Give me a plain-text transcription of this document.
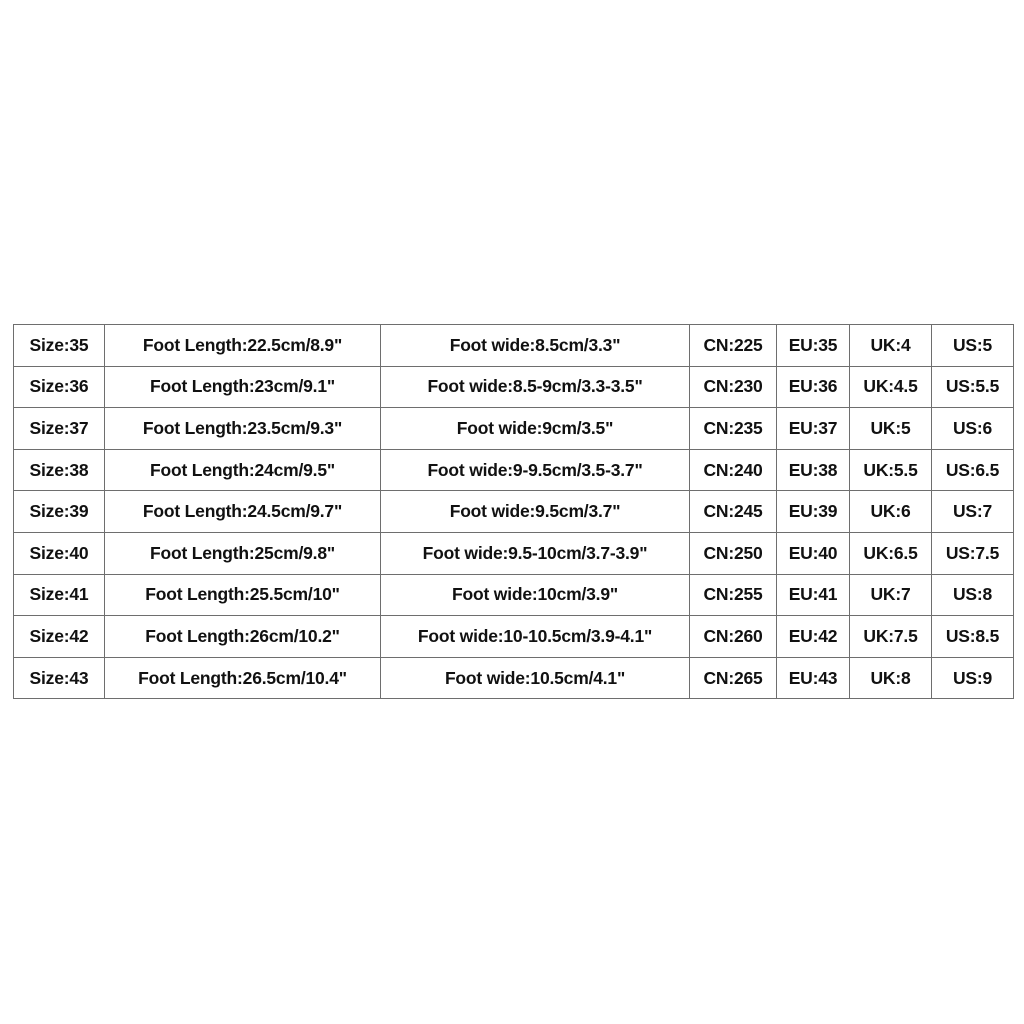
Size:35	Foot Length:22.5cm/8.9"	Foot wide:8.5cm/3.3"	CN:225	EU:35	UK:4	US:5
Size:36	Foot Length:23cm/9.1"	Foot wide:8.5-9cm/3.3-3.5"	CN:230	EU:36	UK:4.5	US:5.5
Size:37	Foot Length:23.5cm/9.3"	Foot wide:9cm/3.5"	CN:235	EU:37	UK:5	US:6
Size:38	Foot Length:24cm/9.5"	Foot wide:9-9.5cm/3.5-3.7"	CN:240	EU:38	UK:5.5	US:6.5
Size:39	Foot Length:24.5cm/9.7"	Foot wide:9.5cm/3.7"	CN:245	EU:39	UK:6	US:7
Size:40	Foot Length:25cm/9.8"	Foot wide:9.5-10cm/3.7-3.9"	CN:250	EU:40	UK:6.5	US:7.5
Size:41	Foot Length:25.5cm/10"	Foot wide:10cm/3.9"	CN:255	EU:41	UK:7	US:8
Size:42	Foot Length:26cm/10.2"	Foot wide:10-10.5cm/3.9-4.1"	CN:260	EU:42	UK:7.5	US:8.5
Size:43	Foot Length:26.5cm/10.4"	Foot wide:10.5cm/4.1"	CN:265	EU:43	UK:8	US:9
